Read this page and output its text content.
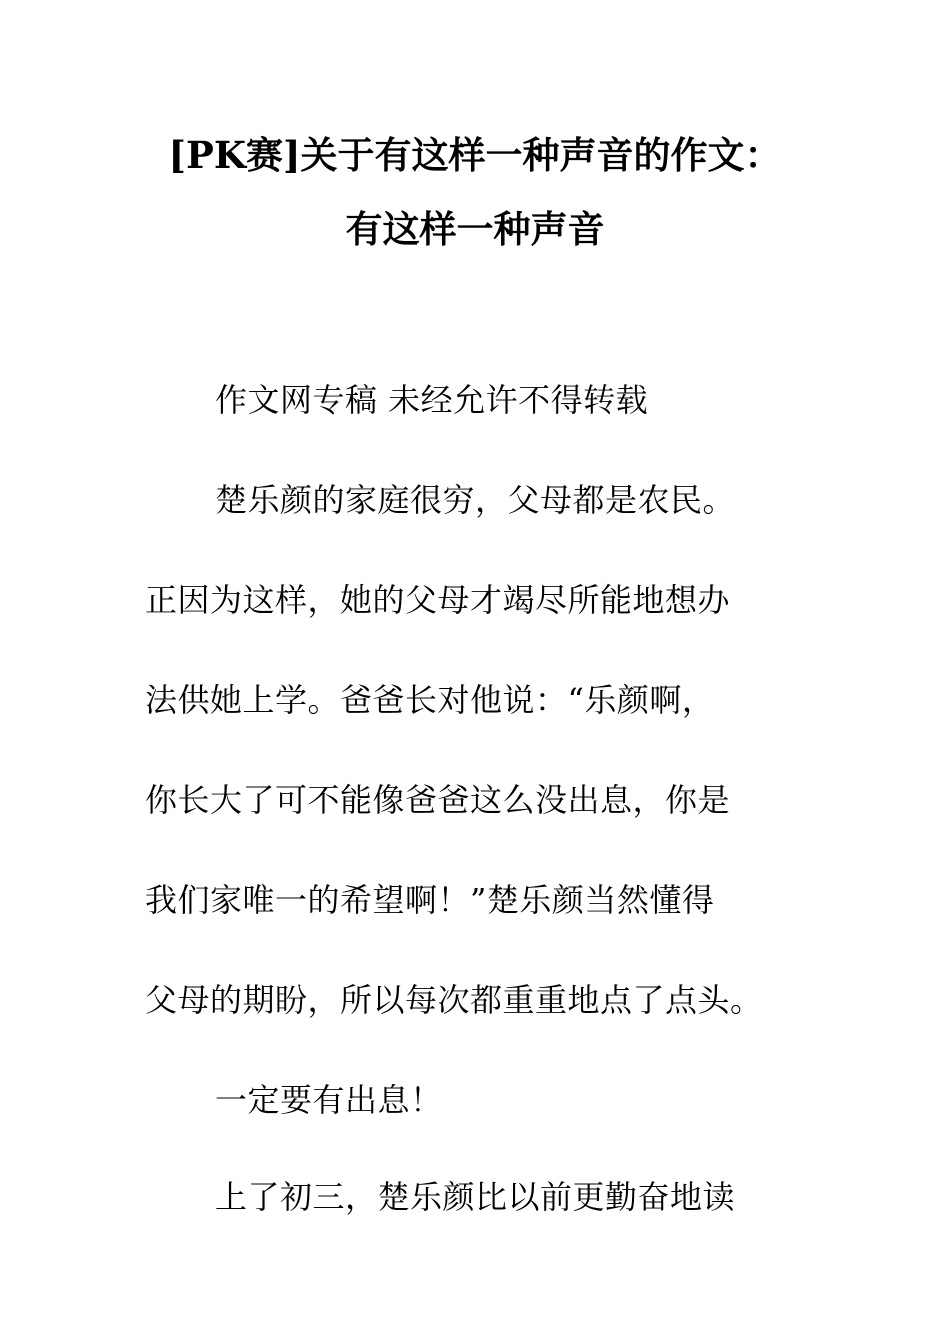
[PK赛]关于有这样一种声音的作文：
有这样一种声音
作文网专稿 未经允许不得转载
楚乐颜的家庭很穷，父母都是农民。
正因为这样，她的父母才竭尽所能地想办
法供她上学。爸爸长对他说：“乐颜啊，
你长大了可不能像爸爸这么没出息，你是
我们家唯一的希望啊！”楚乐颜当然懂得
父母的期盼，所以每次都重重地点了点头。
一定要有出息！
上了初三，楚乐颜比以前更勤奋地读
